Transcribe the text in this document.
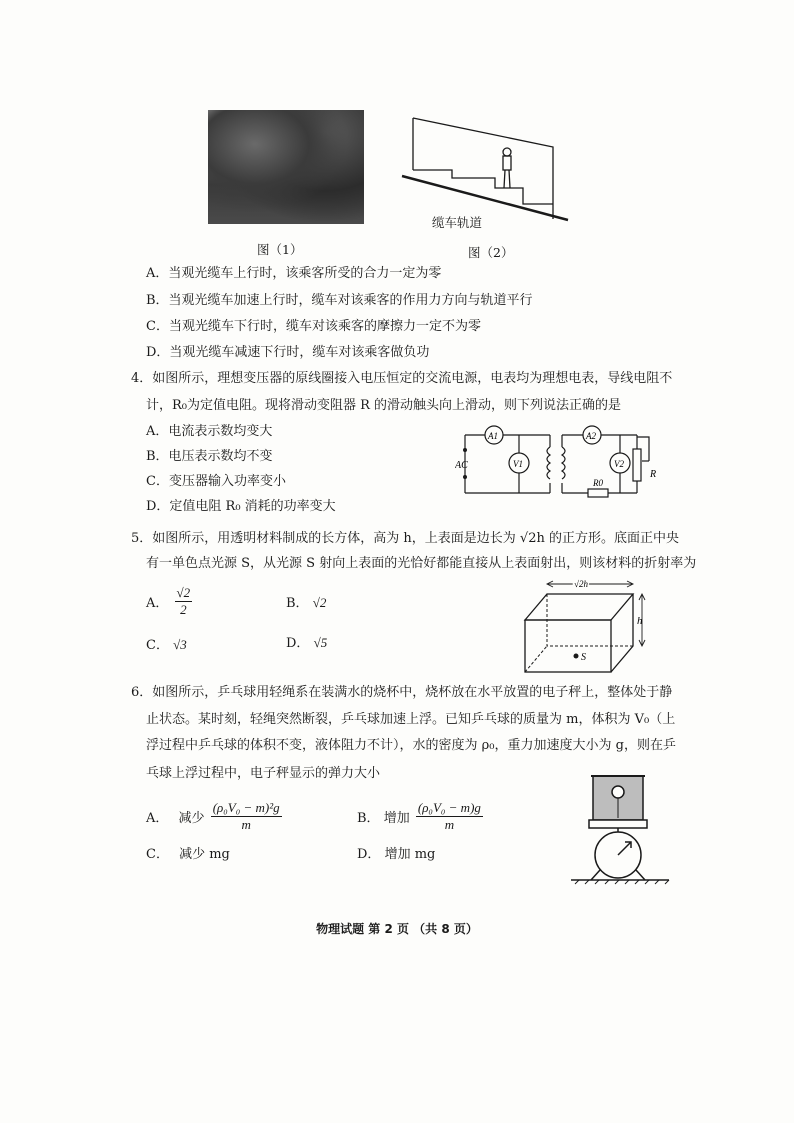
图（1）
缆车轨道
图（2）
A．当观光缆车上行时，该乘客所受的合力一定为零
B．当观光缆车加速上行时，缆车对该乘客的作用力方向与轨道平行
C．当观光缆车下行时，缆车对该乘客的摩擦力一定不为零
D．当观光缆车减速下行时，缆车对该乘客做负功
4．如图所示，理想变压器的原线圈接入电压恒定的交流电源，电表均为理想电表，导线电阻不
计，R₀为定值电阻。现将滑动变阻器 R 的滑动触头向上滑动，则下列说法正确的是
A．电流表示数均变大
B．电压表示数均不变
C．变压器输入功率变小
D．定值电阻 R₀ 消耗的功率变大
AC
A1	A2
V1	V2
R0
R
5．如图所示，用透明材料制成的长方体，高为 h，上表面是边长为 √2h 的正方形。底面正中央
有一单色点光源 S，从光源 S 射向上表面的光恰好都能直接从上表面射出，则该材料的折射率为
A． $\frac{√2}{2}$	B． √2
C． √3	D． √5
√2h
h
S
6．如图所示，乒乓球用轻绳系在装满水的烧杯中，烧杯放在水平放置的电子秤上，整体处于静
止状态。某时刻，轻绳突然断裂，乒乓球加速上浮。已知乒乓球的质量为 m，体积为 V₀（上
浮过程中乒乓球的体积不变，液体阻力不计），水的密度为 ρ₀，重力加速度大小为 g，则在乒
乓球上浮过程中，电子秤显示的弹力大小
A． 减少 $\frac{\text{(ρ₀V₀ − m)²g}}{m}$	B． 增加 $\frac{\text{(ρ₀V₀ − m)g}}{m}$
C． 减少 mg	D． 增加 mg
物理试题 第 2 页 （共 8 页）
